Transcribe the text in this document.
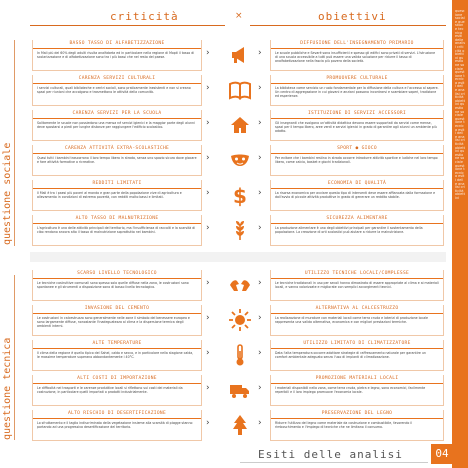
questione sociale questione tecnica esiti delle analisi criticità obiettivi questione sociale questione tecnica esiti delle analisi criticità obiettivi questione sociale questione tecnica esiti delle analisi criticità obiettivi questione sociale questione tecnica esiti delle analisi criticità obiettivi
criticità	×	obiettivi
questione sociale
questione tecnica
BASSO TASSO DI ALFABETIZZAZIONE
In Mali più del 60% degli adulti risulta analfabeta ed in particolare nella regione di Mopti il tasso di scolarizzazione e di alfabetizzazione sono tra i più bassi che nel resto del paese.	›	›
DIFFUSIONE DELL'INSEGNAMENTO PRIMARIO
Le scuole pubbliche e Sevaré sono insufficienti e spesso gli edifici sono privati di servizi. L'istruzione di una scuola accessibile a tutti può essere una valida soluzione per ridurre il tasso di analfabetizzazione nella fascia più povera della società.
CARENZA SERVIZI CULTURALI
I servizi culturali, quali biblioteche e centri sociali, sono praticamente inesistenti e non si creano spazi per riunioni che accolgono e trasmettono le attività della comunità.	›	›
PROMUOVERE CULTURALE
La biblioteca come servizio un ruolo fondamentale per la diffusione della cultura e l'accesso al sapere. Un centro di aggregazione in cui giovani e anziani possano incontrarsi e scambiare saperi, tradizione ed esperienze.
CARENZA SERVIZI PER LA SCUOLA
Solitamente le scuole non possiedono una mensa né servizi igienici e la maggior parte degli alunni deve spostarsi a piedi per lunghe distanze per raggiungere l'edificio scolastico.	›	›
ISTITUZIONE DI SERVIZI ACCESSORI
Gli insegnanti che svolgono un'attività didattica devono essere supportati da servizi come mense, spazi per il tempo libero, aree verdi e servizi igienici in grado di garantire agli alunni un ambiente più adatto.
CARENZA ATTIVITÀ EXTRA-SCOLASTICHE
Quasi tutti i bambini trascorrono il loro tempo libero in strada, senza uno spazio sicuro dove giocare e fare attività formative o ricreative.	›	›
SPORT ● GIOCO
Per evitare che i bambini restino in strada occorre introdurre attività sportive e ludiche nel loro tempo libero, come calcio, basket e giochi tradizionali.
REDDITI LIMITATI
Il Mali è tra i paesi più poveri al mondo e gran parte della popolazione vive di agricoltura e allevamento in condizioni di estrema povertà, con redditi molto bassi e limitati.	› $ ›
ECONOMIA DI QUALITÀ
La risorsa economica per avviare questo tipo di interventi deve essere affiancata dalla formazione e dall'avvio di piccole attività produttive in grado di generare un reddito stabile.
ALTO TASSO DI MALNUTRIZIONE
L'agricoltura è una delle attività principali del territorio, ma l'insufficienza di raccolti e la scarsità di cibo rendono ancora alto il tasso di malnutrizione soprattutto nei bambini.	›	›
SICUREZZA ALIMENTARE
La produzione alimentare è uno degli obiettivi principali per garantire il sostentamento della popolazione. La creazione di orti scolastici può aiutare a ridurre la malnutrizione.
SCARSO LIVELLO TECNOLOGICO
Le tecniche costruttive comunali sono spesso solo quelle diffuse nella zona, le costruzioni sono spontanee e gli strumenti a disposizione sono di basso livello tecnologico.	›	›
UTILIZZO TECNICHE LOCALI/COMPLESSE
Le tecniche tradizionali in uso per secoli hanno dimostrato di essere appropriate al clima e ai materiali locali, e vanno valorizzate e migliorate con semplici accorgimenti tecnici.
INVASIONE DEL CEMENTO
Le costruzioni in calcestruzzo sono generalmente nelle zone il simbolo del benessere europeo e sono largamente diffuse, nonostante l'inadeguatezza al clima e la dispersione termica degli ambienti interni.
›	›
ALTERNATIVA AL CALCESTRUZZO
La realizzazione di murature con materiali locali come terra cruda e laterizi di produzione locale rappresenta una valida alternativa, economica e con migliori prestazioni termiche.
ALTE TEMPERATURE
Il clima della regione è quello tipico del Sahel, caldo e secco, e in particolare nella stagione calda, le massime temperature superano abbondantemente i 40°C.	›	›
UTILIZZO LIMITATO DI CLIMATIZZATORE
Data l'alta temperatura occorre adottare strategie di raffrescamento naturale per garantire un comfort ambientale adeguato senza l'uso di impianti di climatizzazione.
ALTI COSTI DI IMPORTAZIONE
Le difficoltà nei trasporti e le carenze produttive locali si riflettono sui costi dei materiali da costruzione, in particolare quelli importati o prodotti industrialmente.	›	›
PROMOZIONE MATERIALI LOCALI
I materiali disponibili nella zona, come terra cruda, pietra e legno, sono economici, facilmente reperibili e il loro impiego promuove l'economia locale.
ALTO RISCHIO DI DESERTIFICAZIONE
Lo sfruttamento e il taglio indiscriminato della vegetazione insieme alla scarsità di piogge stanno portando ad una progressiva desertificazione del territorio.	›	›
PRESERVAZIONE DEL LEGNO
Ridurre l'utilizzo del legno come materiale da costruzione e combustibile, favorendo il rimboschimento e l'impiego di tecniche che ne limitano il consumo.
Esiti delle analisi	04
